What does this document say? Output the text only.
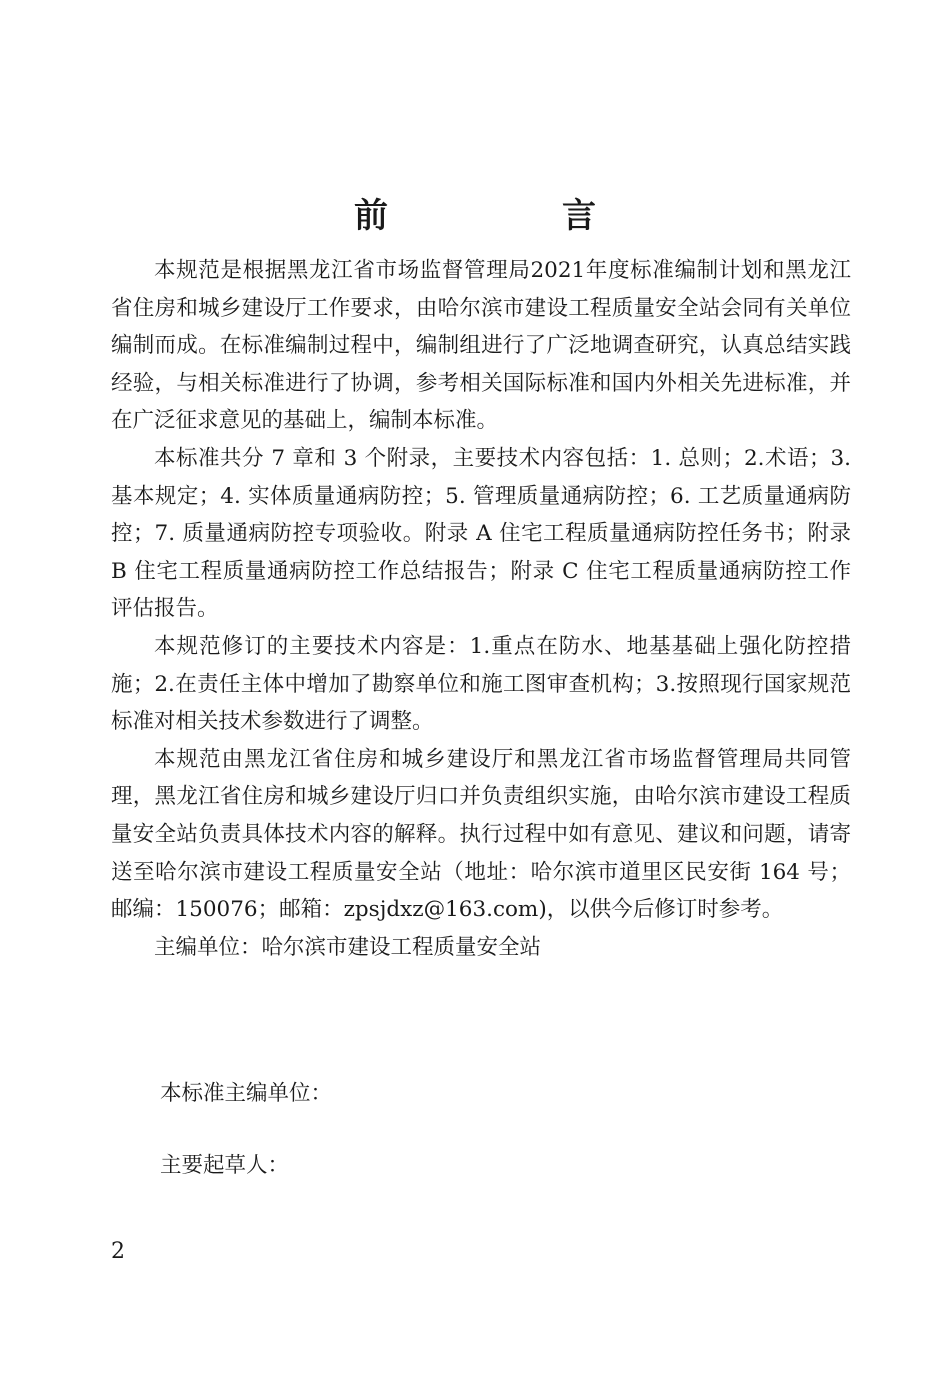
前　言

本规范是根据黑龙江省市场监督管理局2021年度标准编制计划和黑龙江省住房和城乡建设厅工作要求，由哈尔滨市建设工程质量安全站会同有关单位编制而成。在标准编制过程中，编制组进行了广泛地调查研究，认真总结实践经验，与相关标准进行了协调，参考相关国际标准和国内外相关先进标准，并在广泛征求意见的基础上，编制本标准。

本标准共分 7 章和 3 个附录，主要技术内容包括：1. 总则；2.术语；3. 基本规定；4. 实体质量通病防控；5. 管理质量通病防控；6. 工艺质量通病防控；7. 质量通病防控专项验收。附录 A 住宅工程质量通病防控任务书；附录 B 住宅工程质量通病防控工作总结报告；附录 C 住宅工程质量通病防控工作评估报告。

本规范修订的主要技术内容是：1.重点在防水、地基基础上强化防控措施；2.在责任主体中增加了勘察单位和施工图审查机构；3.按照现行国家规范标准对相关技术参数进行了调整。

本规范由黑龙江省住房和城乡建设厅和黑龙江省市场监督管理局共同管理，黑龙江省住房和城乡建设厅归口并负责组织实施，由哈尔滨市建设工程质量安全站负责具体技术内容的解释。执行过程中如有意见、建议和问题，请寄送至哈尔滨市建设工程质量安全站（地址：哈尔滨市道里区民安街 164 号；邮编：150076；邮箱：zpsjdxz@163.com)，以供今后修订时参考。

主编单位：哈尔滨市建设工程质量安全站

本标准主编单位：
主要起草人：
2
